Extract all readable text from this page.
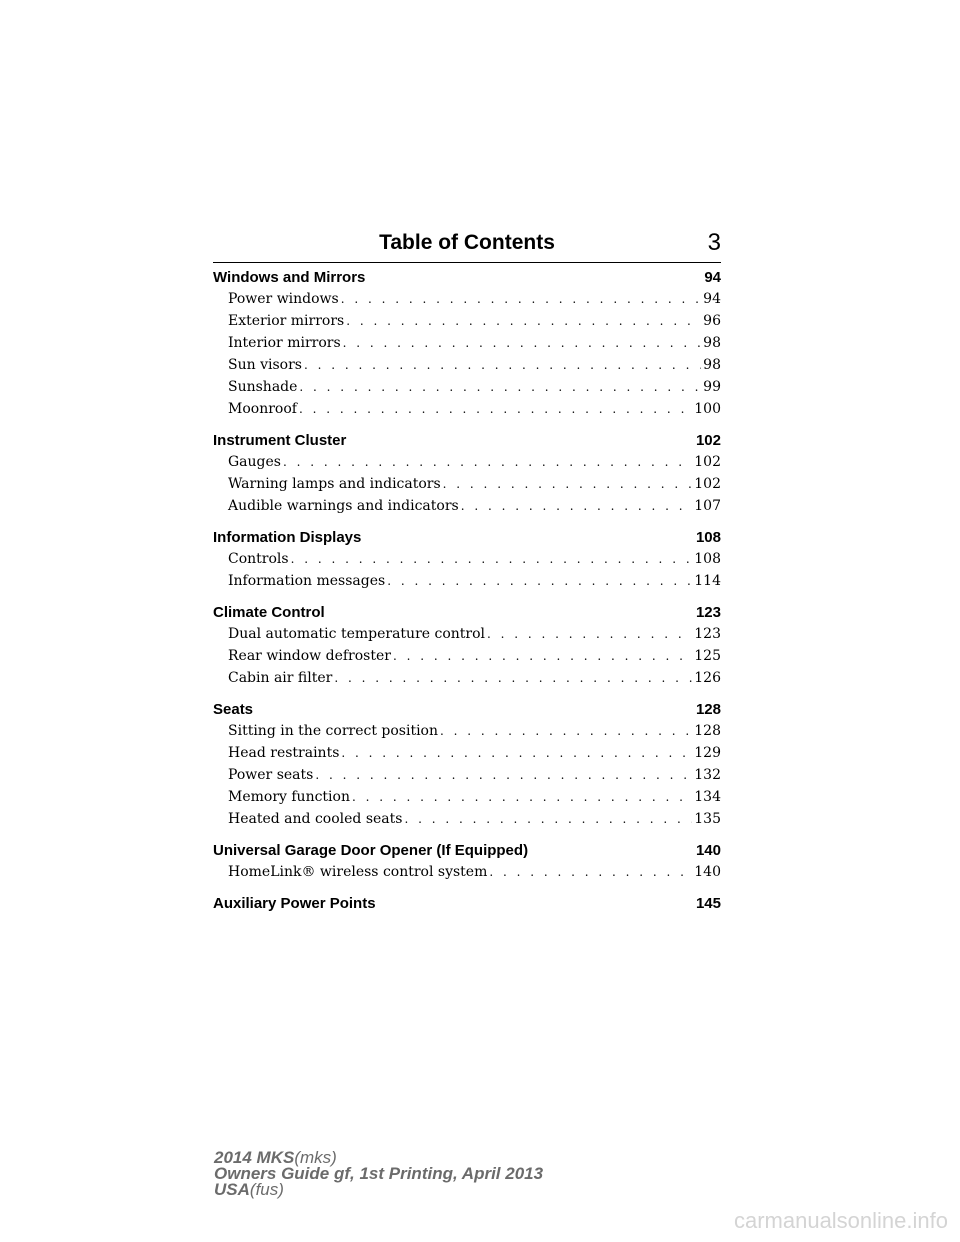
Table of Contents	3
Windows and Mirrors	94
Power windows . . .	94
Exterior mirrors . . .	96
Interior mirrors . . .	98
Sun visors . . .	98
Sunshade . . .	99
Moonroof . . .	100
Instrument Cluster	102
Gauges . . .	102
Warning lamps and indicators . . .	102
Audible warnings and indicators . . .	107
Information Displays	108
Controls . . .	108
Information messages . . .	114
Climate Control	123
Dual automatic temperature control . . .	123
Rear window defroster . . .	125
Cabin air filter . . .	126
Seats	128
Sitting in the correct position . . .	128
Head restraints . . .	129
Power seats . . .	132
Memory function . . .	134
Heated and cooled seats . . .	135
Universal Garage Door Opener (If Equipped)	140
HomeLink® wireless control system . . .	140
Auxiliary Power Points	145
2014 MKS(mks)
Owners Guide gf, 1st Printing, April 2013
USA(fus)
carmanualsonline.info
